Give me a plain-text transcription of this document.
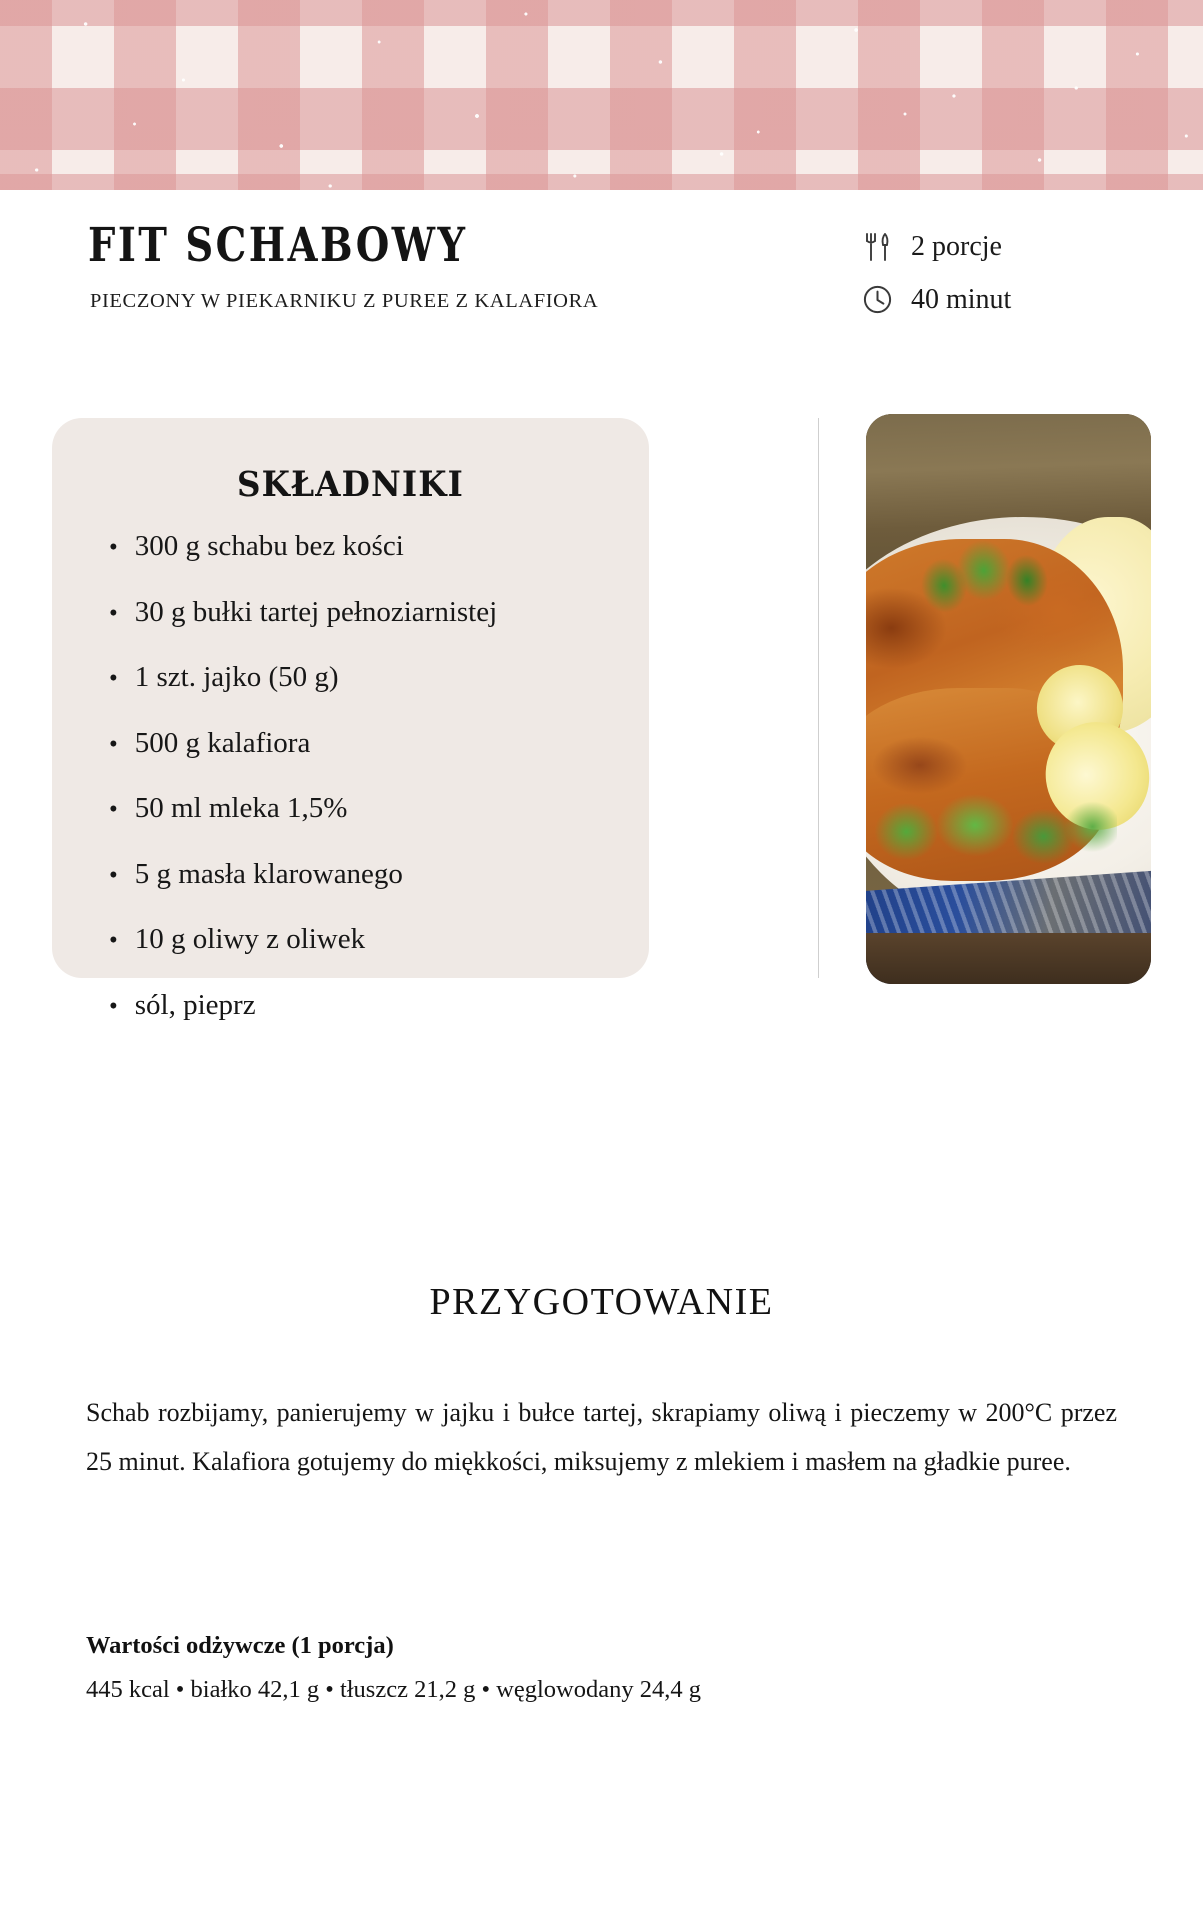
FIT SCHABOWY
PIECZONY W PIEKARNIKU Z PUREE Z KALAFIORA
2 porcje
40 minut
SKŁADNIKI
• 300 g schabu bez kości
• 30 g bułki tartej pełnoziarnistej
• 1 szt. jajko (50 g)
• 500 g kalafiora
• 50 ml mleka 1,5%
• 5 g masła klarowanego
• 10 g oliwy z oliwek
• sól, pieprz
PRZYGOTOWANIE
Schab rozbijamy, panierujemy w jajku i bułce tartej, skrapiamy oliwą i pieczemy w 200°C przez 25 minut. Kalafiora gotujemy do miękkości, miksujemy z mlekiem i masłem na gładkie puree.
Wartości odżywcze (1 porcja)
445 kcal • białko 42,1 g • tłuszcz 21,2 g • węglowodany 24,4 g
